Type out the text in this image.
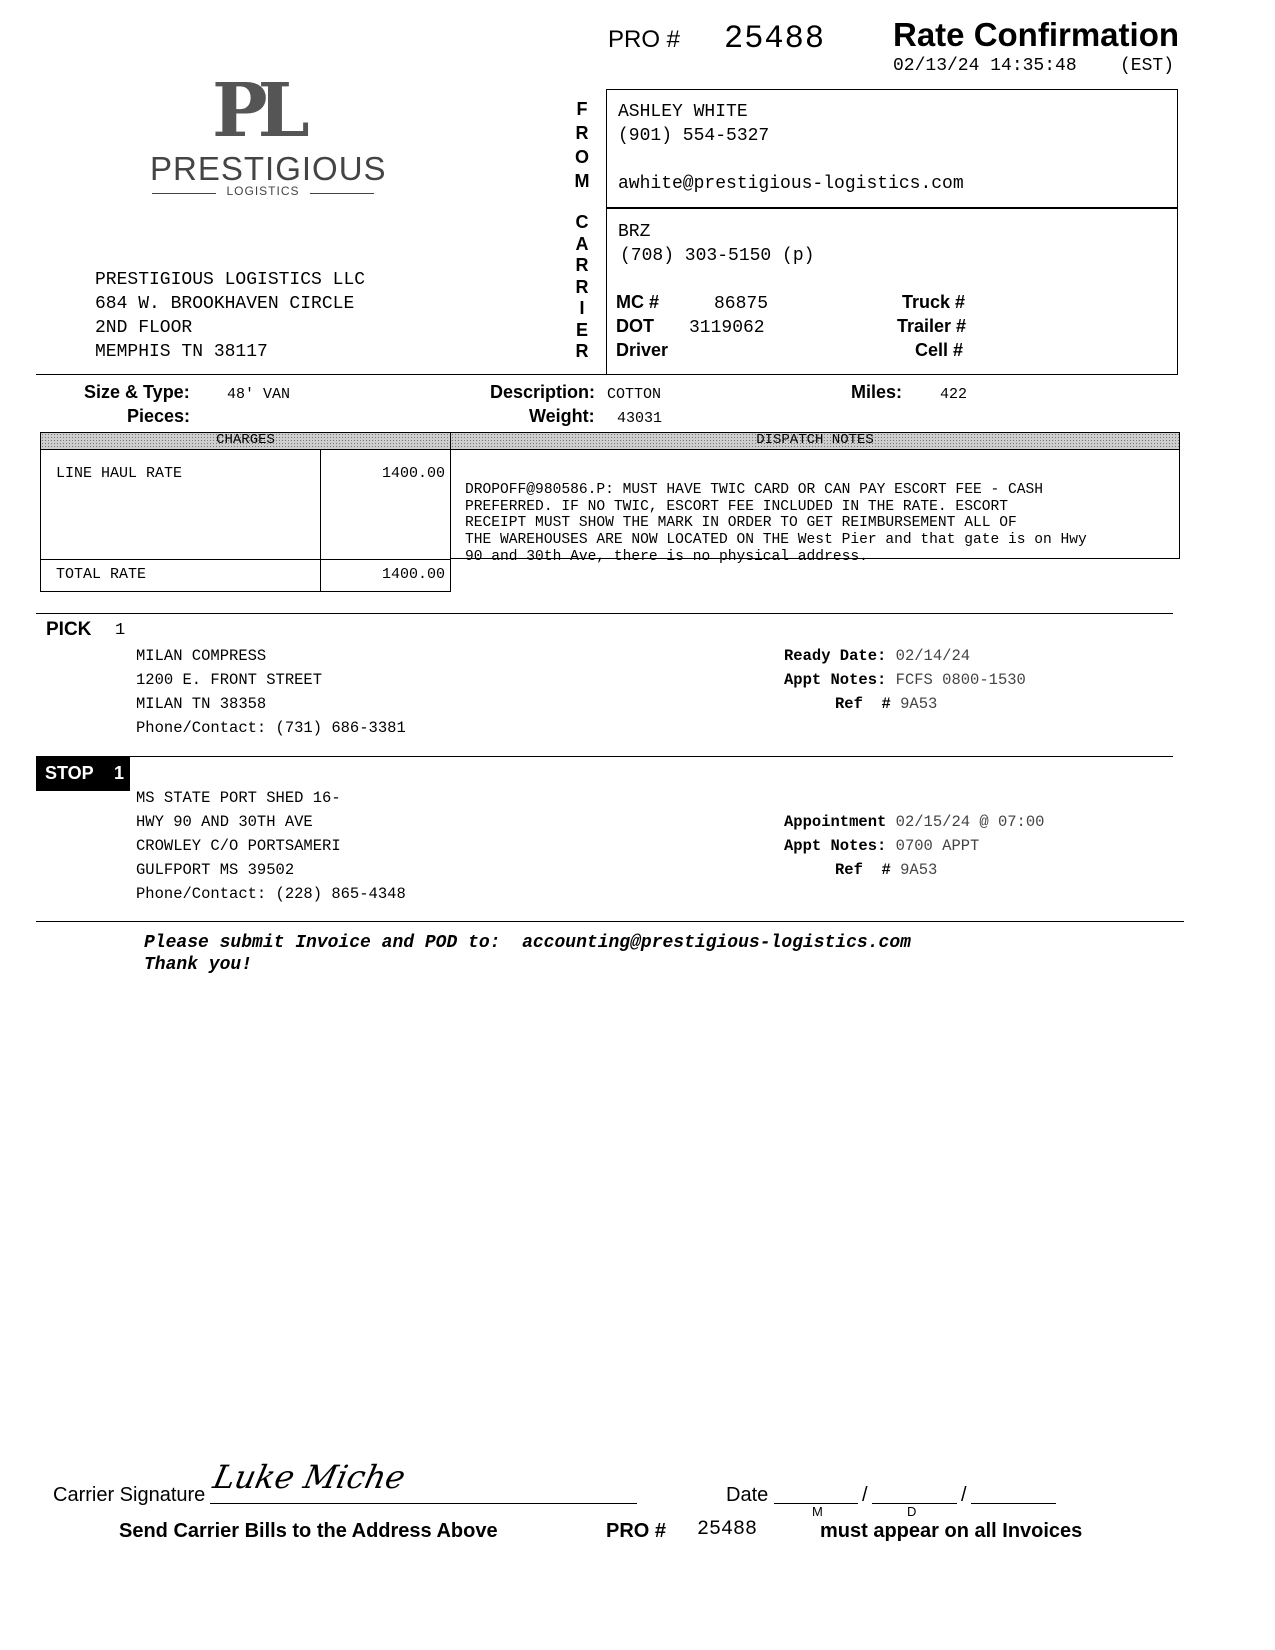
PRO # 25488 Rate Confirmation
02/13/24 14:35:48 (EST)
PL
PRESTIGIOUS
LOGISTICS
PRESTIGIOUS LOGISTICS LLC
684 W. BROOKHAVEN CIRCLE
2ND FLOOR
MEMPHIS TN 38117
F
R
O
M
C
A
R
R
I
E
R
ASHLEY WHITE
(901) 554-5327
awhite@prestigious-logistics.com
BRZ
(708) 303-5150 (p)
MC #	86875
DOT 3119062
Driver
Truck #
Trailer #
Cell #
Size & Type: 48' VAN
Pieces:
Description: COTTON
Weight: 43031
Miles:	422
CHARGES
LINE HAUL RATE	1400.00
TOTAL RATE	1400.00
DISPATCH NOTES

DROPOFF@980586.P: MUST HAVE TWIC CARD OR CAN PAY ESCORT FEE - CASH
PREFERRED. IF NO TWIC, ESCORT FEE INCLUDED IN THE RATE. ESCORT
RECEIPT MUST SHOW THE MARK IN ORDER TO GET REIMBURSEMENT ALL OF
THE WAREHOUSES ARE NOW LOCATED ON THE West Pier and that gate is on Hwy
90 and 30th Ave, there is no physical address.

PICK 1
MILAN COMPRESS
1200 E. FRONT STREET
MILAN TN 38358
Phone/Contact: (731) 686-3381
Ready Date: 02/14/24
Appt Notes: FCFS 0800-1530
Ref  # 9A53
STOP 1
MS STATE PORT SHED 16-
HWY 90 AND 30TH AVE
CROWLEY C/O PORTSAMERI
GULFPORT MS 39502
Phone/Contact: (228) 865-4348
Appointment 02/15/24 @ 07:00
Appt Notes: 0700 APPT
Ref  # 9A53
Please submit Invoice and POD to: accounting@prestigious-logistics.com
Thank you!
Carrier Signature Luke Miche	Date	/	/
M	D
Send Carrier Bills to the Address Above	PRO # 25488	must appear on all Invoices
